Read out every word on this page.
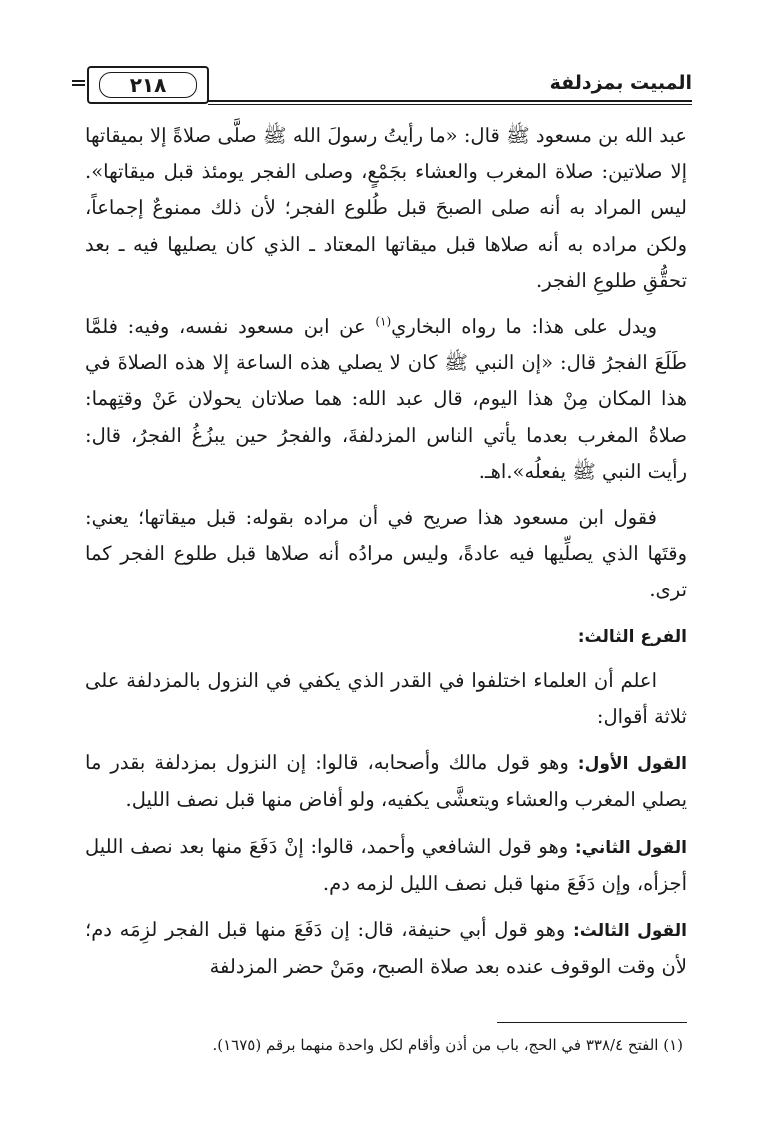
المبيت بمزدلفة
٢١٨

عبد الله بن مسعود ﷺ قال: «ما رأيتُ رسولَ الله ﷺ صلَّى صلاةً إلا بميقاتها إلا صلاتين: صلاة المغرب والعشاء بجَمْعٍ، وصلى الفجر يومئذ قبل ميقاتها». ليس المراد به أنه صلى الصبحَ قبل طُلوع الفجر؛ لأن ذلك ممنوعٌ إجماعاً، ولكن مراده به أنه صلاها قبل ميقاتها المعتاد ـ الذي كان يصليها فيه ـ بعد تحقُّقِ طلوعِ الفجر.

ويدل على هذا: ما رواه البخاري$^{(١)}$ عن ابن مسعود نفسه، وفيه: فلمَّا طَلَعَ الفجرُ قال: «إن النبي ﷺ كان لا يصلي هذه الساعة إلا هذه الصلاةَ في هذا المكان مِنْ هذا اليوم، قال عبد الله: هما صلاتان يحولان عَنْ وقتِهما: صلاةُ المغرب بعدما يأتي الناس المزدلفةَ، والفجرُ حين يبزُغُ الفجرُ، قال: رأيت النبي ﷺ يفعلُه».اهـ.

فقول ابن مسعود هذا صريح في أن مراده بقوله: قبل ميقاتها؛ يعني: وقتَها الذي يصلِّيها فيه عادةً، وليس مرادُه أنه صلاها قبل طلوع الفجر كما ترى.

الفرع الثالث:

اعلم أن العلماء اختلفوا في القدر الذي يكفي في النزول بالمزدلفة على ثلاثة أقوال:

القول الأول: وهو قول مالك وأصحابه، قالوا: إن النزول بمزدلفة بقدر ما يصلي المغرب والعشاء ويتعشَّى يكفيه، ولو أفاض منها قبل نصف الليل.

القول الثاني: وهو قول الشافعي وأحمد، قالوا: إنْ دَفَعَ منها بعد نصف الليل أجزأه، وإن دَفَعَ منها قبل نصف الليل لزمه دم.

القول الثالث: وهو قول أبي حنيفة، قال: إن دَفَعَ منها قبل الفجر لزِمَه دم؛ لأن وقت الوقوف عنده بعد صلاة الصبح، ومَنْ حضر المزدلفة

(١) الفتح ٣٣٨/٤ في الحج، باب من أذن وأقام لكل واحدة منهما برقم (١٦٧٥).
